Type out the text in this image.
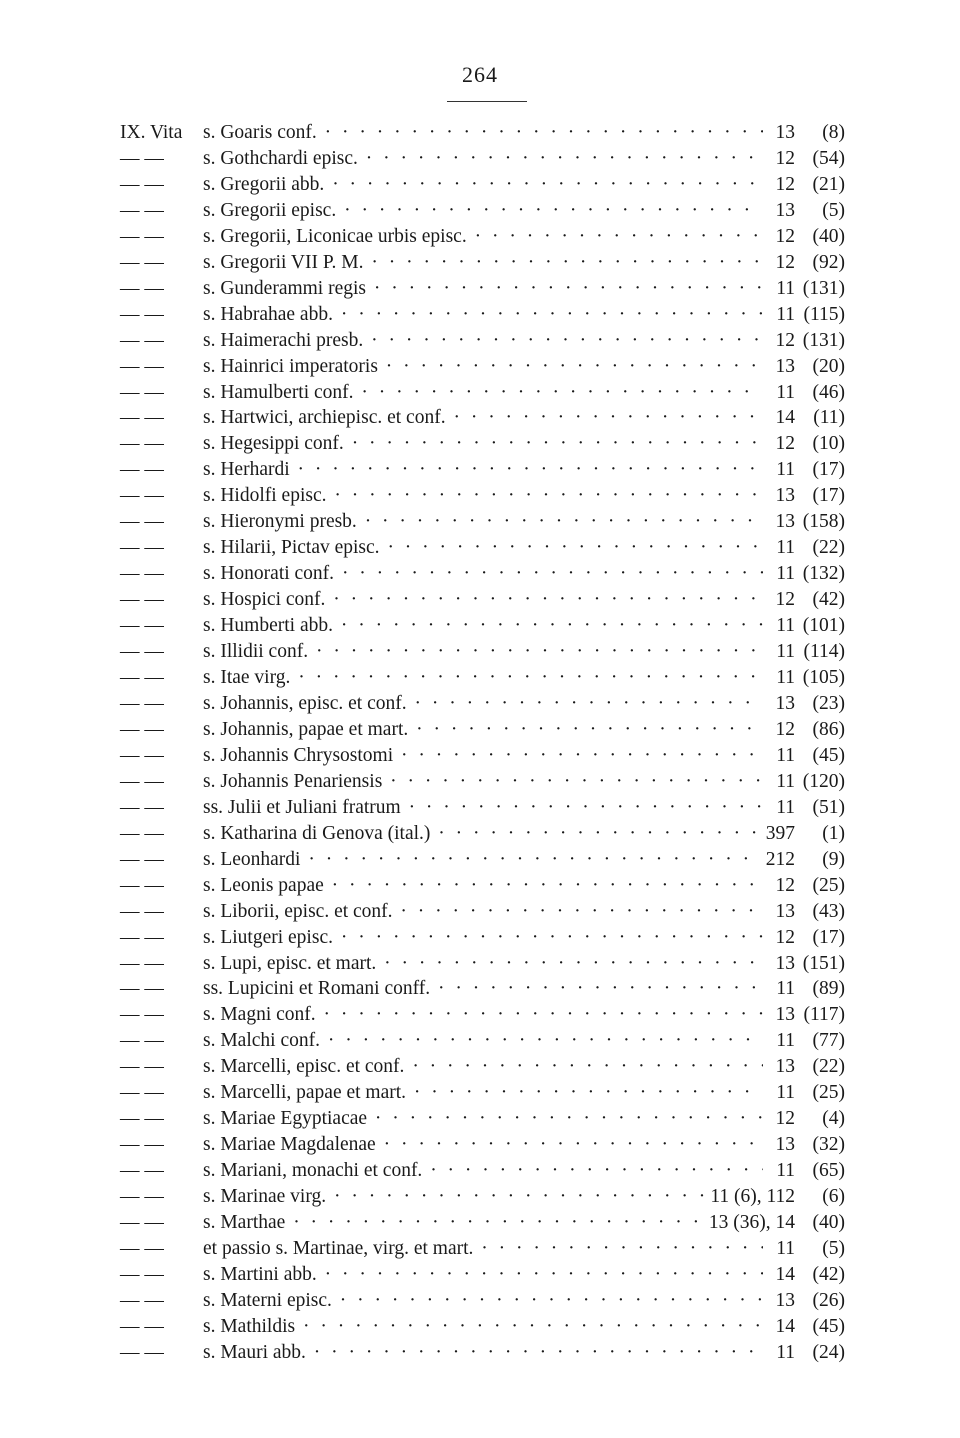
264
IX. Vita	s. Goaris conf. · · ·	13 (8)
— —	s. Gothchardi episc. · · ·	12 (54)
— —	s. Gregorii abb. · · ·	12 (21)
— —	s. Gregorii episc. · · ·	13 (5)
— —	s. Gregorii, Liconicae urbis episc. · · ·	12 (40)
— —	s. Gregorii VII P. M. · · ·	12 (92)
— —	s. Gunderammi regis · · ·	11 (131)
— —	s. Habrahae abb. · · ·	11 (115)
— —	s. Haimerachi presb. · · ·	12 (131)
— —	s. Hainrici imperatoris · · ·	13 (20)
— —	s. Hamulberti conf. · · ·	11 (46)
— —	s. Hartwici, archiepisc. et conf. · · ·	14 (11)
— —	s. Hegesippi conf. · · ·	12 (10)
— —	s. Herhardi · · ·	11 (17)
— —	s. Hidolfi episc. · · ·	13 (17)
— —	s. Hieronymi presb. · · ·	13 (158)
— —	s. Hilarii, Pictav episc. · · ·	11 (22)
— —	s. Honorati conf. · · ·	11 (132)
— —	s. Hospici conf. · · ·	12 (42)
— —	s. Humberti abb. · · ·	11 (101)
— —	s. Illidii conf. · · ·	11 (114)
— —	s. Itae virg. · · ·	11 (105)
— —	s. Johannis, episc. et conf. · · ·	13 (23)
— —	s. Johannis, papae et mart. · · ·	12 (86)
— —	s. Johannis Chrysostomi · · ·	11 (45)
— —	s. Johannis Penariensis · · ·	11 (120)
— —	ss. Julii et Juliani fratrum · · ·	11 (51)
— —	s. Katharina di Genova (ital.) · · ·	397 (1)
— —	s. Leonhardi · · ·	212 (9)
— —	s. Leonis papae · · ·	12 (25)
— —	s. Liborii, episc. et conf. · · ·	13 (43)
— —	s. Liutgeri episc. · · ·	12 (17)
— —	s. Lupi, episc. et mart. · · ·	13 (151)
— —	ss. Lupicini et Romani conff. · · ·	11 (89)
— —	s. Magni conf. · · ·	13 (117)
— —	s. Malchi conf. · · ·	11 (77)
— —	s. Marcelli, episc. et conf. · · ·	13 (22)
— —	s. Marcelli, papae et mart. · · ·	11 (25)
— —	s. Mariae Egyptiacae · · ·	12 (4)
— —	s. Mariae Magdalenae · · ·	13 (32)
— —	s. Mariani, monachi et conf. · · ·	11 (65)
— —	s. Marinae virg. · · ·	11 (6), 112 (6)
— —	s. Marthae · · ·	13 (36), 14 (40)
— —	et passio s. Martinae, virg. et mart. · · ·	11 (5)
— —	s. Martini abb. · · ·	14 (42)
— —	s. Materni episc. · · ·	13 (26)
— —	s. Mathildis · · ·	14 (45)
— —	s. Mauri abb. · · ·	11 (24)
